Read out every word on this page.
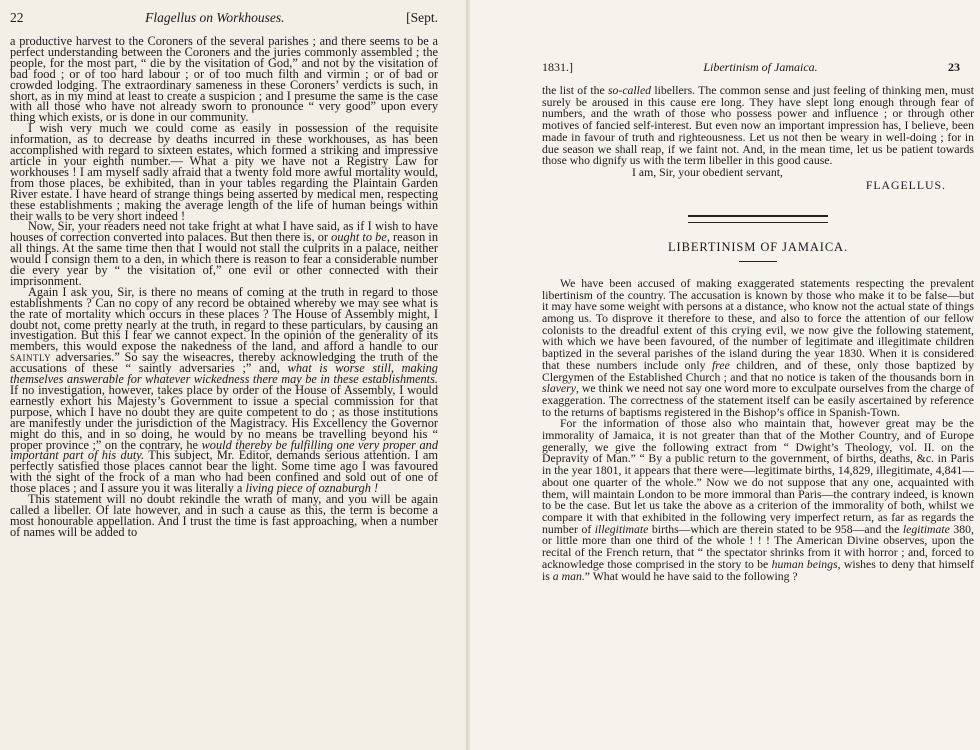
22	Flagellus on Workhouses.	[Sept.

a productive harvest to the Coroners of the several parishes ; and there seems to be a perfect understanding between the Coroners and the juries commonly assembled ; the people, for the most part, “ die by the visitation of God,” and not by the visitation of bad food ; or of too hard labour ; or of too much filth and virmin ; or of bad or crowded lodging. The extraordinary sameness in these Coroners’ verdicts is such, in short, as in my mind at least to create a suspicion ; and I presume the same is the case with all those who have not already sworn to pronounce “ very good” upon every thing which exists, or is done in our community.

I wish very much we could come as easily in possession of the requisite information, as to decrease by deaths incurred in these workhouses, as has been accomplished with regard to sixteen estates, which formed a striking and impressive article in your eighth number.— What a pity we have not a Registry Law for workhouses ! I am myself sadly afraid that a twenty fold more awful mortality would, from those places, be exhibited, than in your tables regarding the Plaintain Garden River estate. I have heard of strange things being asserted by medical men, respecting these establishments ; making the average length of the life of human beings within their walls to be very short indeed !

Now, Sir, your readers need not take fright at what I have said, as if I wish to have houses of correction converted into palaces. But then there is, or ought to be, reason in all things. At the same time then that I would not stall the culprits in a palace, neither would I consign them to a den, in which there is reason to fear a considerable number die every year by “ the visitation of,” one evil or other connected with their imprisonment.

Again I ask you, Sir, is there no means of coming at the truth in regard to those establishments ? Can no copy of any record be obtained whereby we may see what is the rate of mortality which occurs in these places ? The House of Assembly might, I doubt not, come pretty nearly at the truth, in regard to these particulars, by causing an investigation. But this I fear we cannot expect. In the opinion of the generality of its members, this would expose the nakedness of the land, and afford a handle to our saintly adversaries.” So say the wiseacres, thereby acknowledging the truth of the accusations of these “ saintly adversaries ;” and, what is worse still, making themselves answerable for whatever wickedness there may be in these establishments. If no investigation, however, takes place by order of the House of Assembly, I would earnestly exhort his Majesty’s Government to issue a special commission for that purpose, which I have no doubt they are quite competent to do ; as those institutions are manifestly under the jurisdiction of the Magistracy. His Excellency the Governor might do this, and in so doing, he would by no means be travelling beyond his “ proper province ;” on the contrary, he would thereby be fulfilling one very proper and important part of his duty. This subject, Mr. Editor, demands serious attention. I am perfectly satisfied those places cannot bear the light. Some time ago I was favoured with the sight of the frock of a man who had been confined and sold out of one of those places ; and I assure you it was literally a living piece of oznaburgh !

This statement will no doubt rekindle the wrath of many, and you will be again called a libeller. Of late however, and in such a cause as this, the term is become a most honourable appellation. And I trust the time is fast approaching, when a number of names will be added to

1831.]	Libertinism of Jamaica.	23

the list of the so-called libellers. The common sense and just feeling of thinking men, must surely be aroused in this cause ere long. They have slept long enough through fear of numbers, and the wrath of those who possess power and influence ; or through other motives of fancied self-interest. But even now an important impression has, I believe, been made in favour of truth and righteousness. Let us not then be weary in well-doing ; for in due season we shall reap, if we faint not. And, in the mean time, let us be patient towards those who dignify us with the term libeller in this good cause.

I am, Sir, your obedient servant,
FLAGELLUS.
LIBERTINISM OF JAMAICA.

We have been accused of making exaggerated statements respecting the prevalent libertinism of the country. The accusation is known by those who make it to be false—but it may have some weight with persons at a distance, who know not the actual state of things among us. To disprove it therefore to these, and also to force the attention of our fellow colonists to the dreadful extent of this crying evil, we now give the following statement, with which we have been favoured, of the number of legitimate and illegitimate children baptized in the several parishes of the island during the year 1830. When it is considered that these numbers include only free children, and of these, only those baptized by Clergymen of the Established Church ; and that no notice is taken of the thousands born in slavery, we think we need not say one word more to exculpate ourselves from the charge of exaggeration. The correctness of the statement itself can be easily ascertained by reference to the returns of baptisms registered in the Bishop’s office in Spanish-Town.

For the information of those also who maintain that, however great may be the immorality of Jamaica, it is not greater than that of the Mother Country, and of Europe generally, we give the following extract from “ Dwight’s Theology, vol. II. on the Depravity of Man.” “ By a public return to the government, of births, deaths, &c. in Paris in the year 1801, it appears that there were—legitimate births, 14,829, illegitimate, 4,841—about one quarter of the whole.” Now we do not suppose that any one, acquainted with them, will maintain London to be more immoral than Paris—the contrary indeed, is known to be the case. But let us take the above as a criterion of the immorality of both, whilst we compare it with that exhibited in the following very imperfect return, as far as regards the number of illegitimate births—which are therein stated to be 958—and the legitimate 380, or little more than one third of the whole ! ! ! The American Divine observes, upon the recital of the French return, that “ the spectator shrinks from it with horror ; and, forced to acknowledge those comprised in the story to be human beings, wishes to deny that himself is a man.” What would he have said to the following ?
